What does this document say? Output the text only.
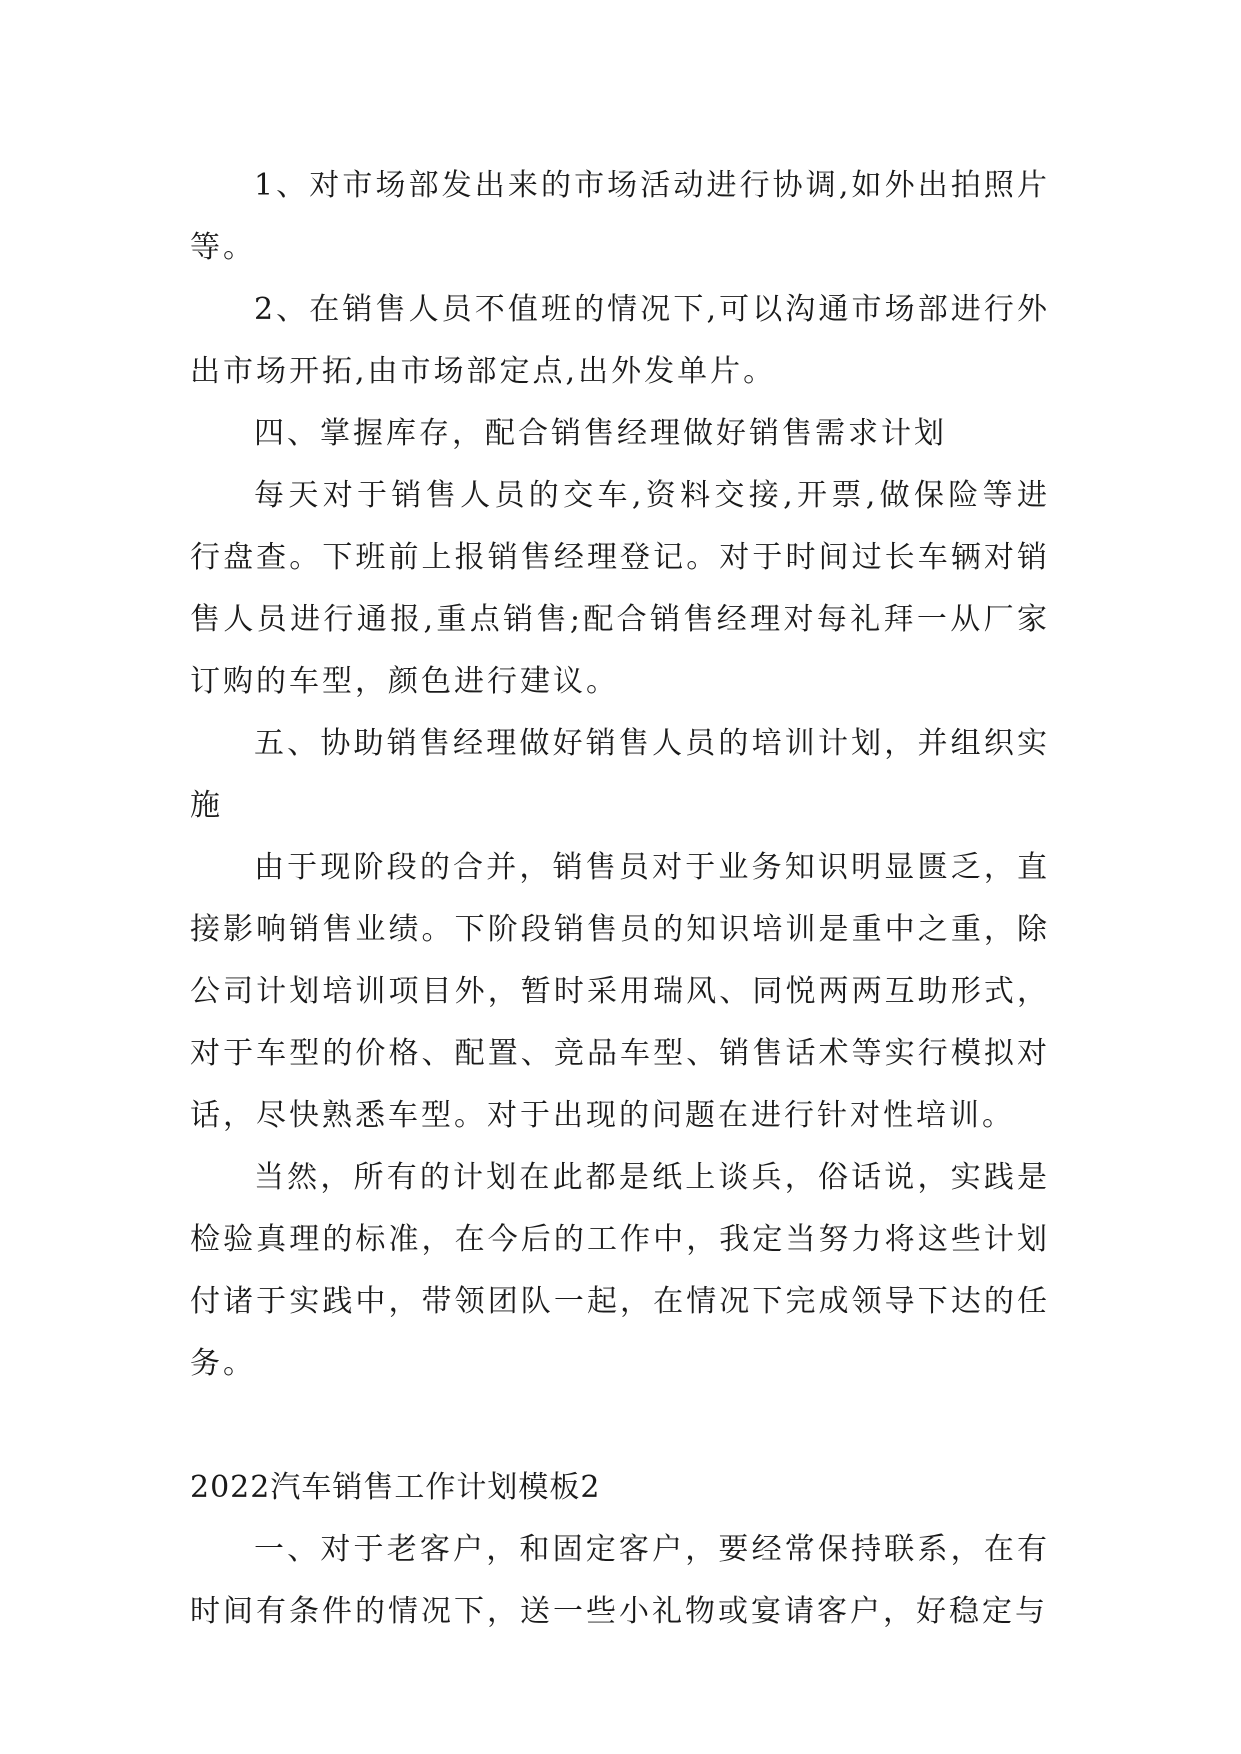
1、对市场部发出来的市场活动进行协调,如外出拍照片等。

2、在销售人员不值班的情况下,可以沟通市场部进行外出市场开拓,由市场部定点,出外发单片。

四、掌握库存，配合销售经理做好销售需求计划

每天对于销售人员的交车,资料交接,开票,做保险等进行盘查。下班前上报销售经理登记。对于时间过长车辆对销售人员进行通报,重点销售;配合销售经理对每礼拜一从厂家订购的车型，颜色进行建议。

五、协助销售经理做好销售人员的培训计划，并组织实施

由于现阶段的合并，销售员对于业务知识明显匮乏，直接影响销售业绩。下阶段销售员的知识培训是重中之重，除公司计划培训项目外，暂时采用瑞风、同悦两两互助形式，对于车型的价格、配置、竞品车型、销售话术等实行模拟对话，尽快熟悉车型。对于出现的问题在进行针对性培训。

当然，所有的计划在此都是纸上谈兵，俗话说，实践是检验真理的标准，在今后的工作中，我定当努力将这些计划付诸于实践中，带领团队一起，在情况下完成领导下达的任务。

2022汽车销售工作计划模板2

一、对于老客户，和固定客户，要经常保持联系，在有时间有条件的情况下，送一些小礼物或宴请客户，好稳定与
